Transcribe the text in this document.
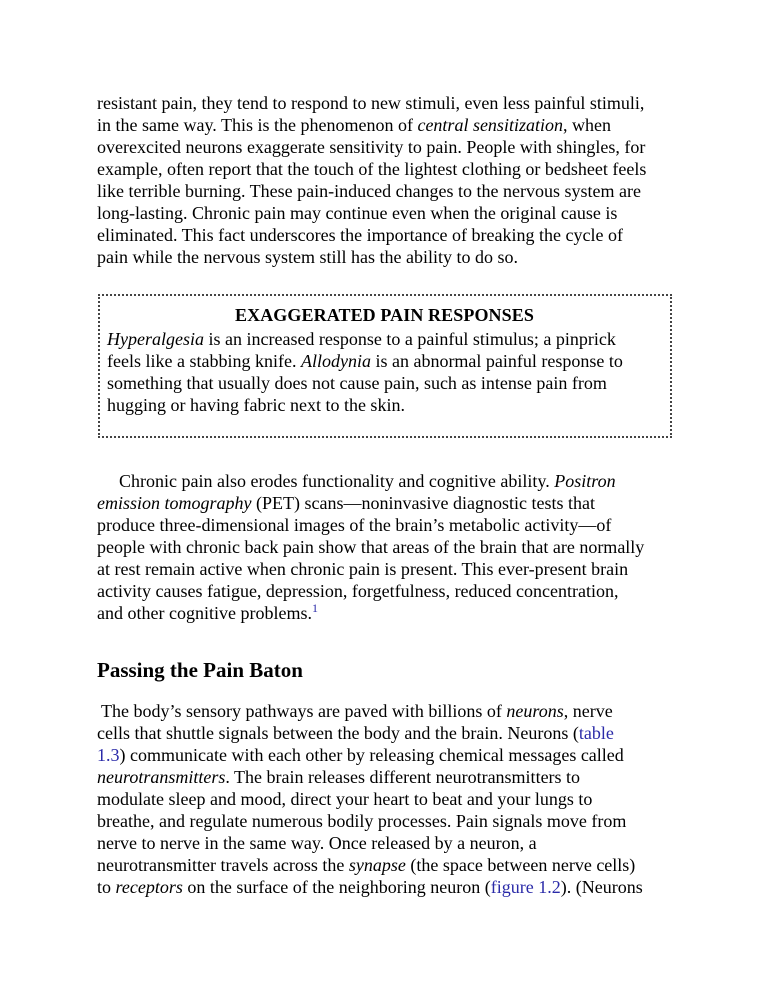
resistant pain, they tend to respond to new stimuli, even less painful stimuli,
in the same way. This is the phenomenon of central sensitization, when
overexcited neurons exaggerate sensitivity to pain. People with shingles, for
example, often report that the touch of the lightest clothing or bedsheet feels
like terrible burning. These pain-induced changes to the nervous system are
long-lasting. Chronic pain may continue even when the original cause is
eliminated. This fact underscores the importance of breaking the cycle of
pain while the nervous system still has the ability to do so.

EXAGGERATED PAIN RESPONSES

Hyperalgesia is an increased response to a painful stimulus; a pinprick
feels like a stabbing knife. Allodynia is an abnormal painful response to
something that usually does not cause pain, such as intense pain from
hugging or having fabric next to the skin.

Chronic pain also erodes functionality and cognitive ability. Positron
emission tomography (PET) scans—noninvasive diagnostic tests that
produce three-dimensional images of the brain’s metabolic activity—of
people with chronic back pain show that areas of the brain that are normally
at rest remain active when chronic pain is present. This ever-present brain
activity causes fatigue, depression, forgetfulness, reduced concentration,
and other cognitive problems.$^1$

Passing the Pain Baton

The body’s sensory pathways are paved with billions of neurons, nerve
cells that shuttle signals between the body and the brain. Neurons (table
1.3) communicate with each other by releasing chemical messages called
neurotransmitters. The brain releases different neurotransmitters to
modulate sleep and mood, direct your heart to beat and your lungs to
breathe, and regulate numerous bodily processes. Pain signals move from
nerve to nerve in the same way. Once released by a neuron, a
neurotransmitter travels across the synapse (the space between nerve cells)
to receptors on the surface of the neighboring neuron (figure 1.2). (Neurons
